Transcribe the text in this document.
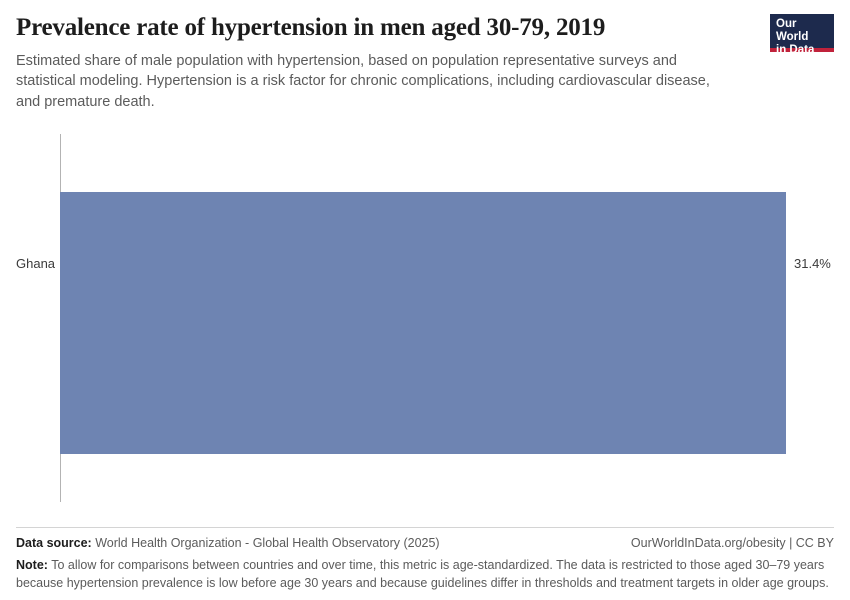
Prevalence rate of hypertension in men aged 30-79, 2019

Estimated share of male population with hypertension, based on population representative surveys and statistical modeling. Hypertension is a risk factor for chronic complications, including cardiovascular disease, and premature death.

Our World
in Data
Ghana	31.4%
Data source: World Health Organization - Global Health Observatory (2025)	OurWorldInData.org/obesity | CC BY
Note: To allow for comparisons between countries and over time, this metric is age-standardized. The data is restricted to those aged 30–79 years because hypertension prevalence is low before age 30 years and because guidelines differ in thresholds and treatment targets in older age groups.
